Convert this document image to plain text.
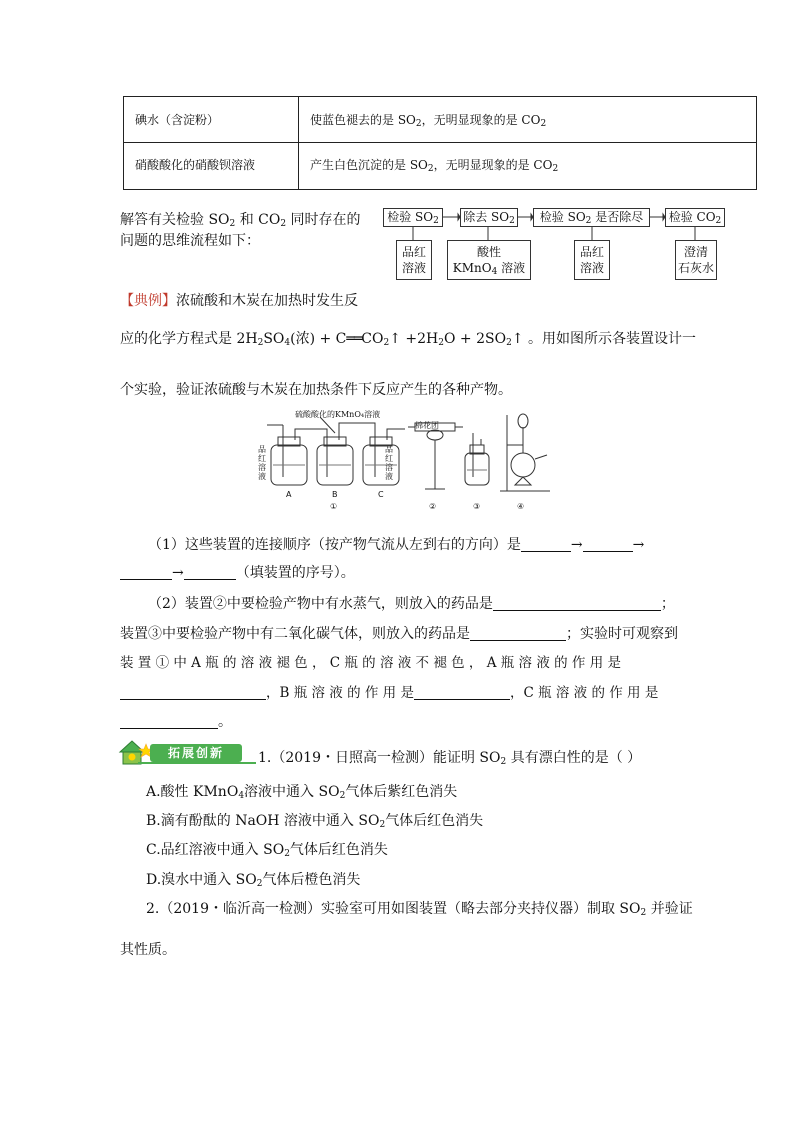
碘水（含淀粉）	使蓝色褪去的是 $SO_2$，无明显现象的是 $CO_2$
硝酸酸化的硝酸钡溶液	产生白色沉淀的是 $SO_2$，无明显现象的是 $CO_2$
解答有关检验 $SO_2$ 和 $CO_2$ 同时存在的
问题的思维流程如下：
检验 $SO_2$	除去 $SO_2$	检验 $SO_2$ 是否除尽	检验 $CO_2$
品红
溶液
酸性
KMnO$_4$ 溶液
品红
溶液
澄清
石灰水
【典例】浓硫酸和木炭在加热时发生反
应的化学方程式是 $2H_2SO_4$(浓) + $C══CO_2↑ +2H_2O$ + $2SO_2↑$ 。用如图所示各装置设计一
个实验，验证浓硫酸与木炭在加热条件下反应产生的各种产物。
硫酸酸化的KMnO₄溶液
品红溶液
品红溶液
棉花团
A	B	C
①	②	③	④
（1）这些装置的连接顺序（按产物气流从左到右的方向）是	→	→
→	（填装置的序号）。
（2）装置②中要检验产物中有水蒸气，则放入的药品是	；
装置③中要检验产物中有二氧化碳气体，则放入的药品是	；实验时可观察到
装 置 ① 中 A 瓶 的 溶 液 褪 色 ， C 瓶 的 溶 液 不 褪 色 ， A 瓶 溶 液 的 作 用 是
，B 瓶 溶 液 的 作 用 是	，C 瓶 溶 液 的 作 用 是
。
拓展创新	1.（2019・日照高一检测）能证明 $SO_2$ 具有漂白性的是（ ）
A.酸性 KMnO$_4$溶液中通入 $SO_2$气体后紫红色消失
B.滴有酚酞的 NaOH 溶液中通入 $SO_2$气体后红色消失
C.品红溶液中通入 $SO_2$气体后红色消失
D.溴水中通入 $SO_2$气体后橙色消失
2.（2019・临沂高一检测）实验室可用如图装置（略去部分夹持仪器）制取 $SO_2$ 并验证
其性质。
